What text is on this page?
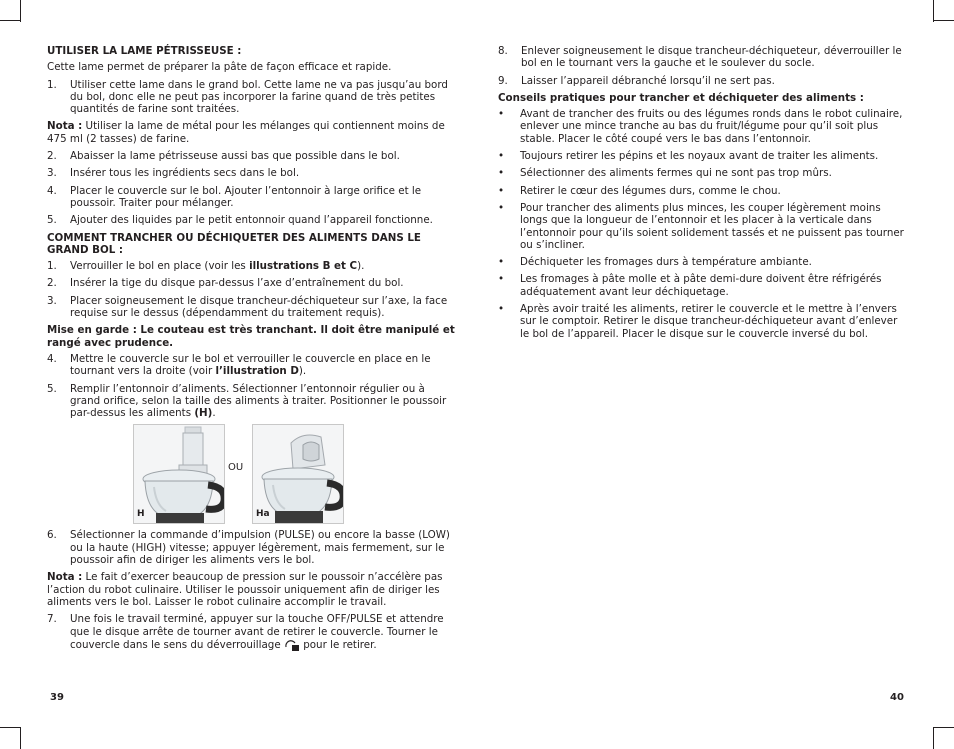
UTILISER LA LAME PÉTRISSEUSE :

Cette lame permet de préparer la pâte de façon efficace et rapide.

1.	Utiliser cette lame dans le grand bol. Cette lame ne va pas jusqu’au bord du bol, donc elle ne peut pas incorporer la farine quand de très petites quantités de farine sont traitées.

Nota : Utiliser la lame de métal pour les mélanges qui contiennent moins de 475 ml (2 tasses) de farine.

2.	Abaisser la lame pétrisseuse aussi bas que possible dans le bol.
3.	Insérer tous les ingrédients secs dans le bol.
4.	Placer le couvercle sur le bol. Ajouter l’entonnoir à large orifice et le poussoir. Traiter pour mélanger.
5.	Ajouter des liquides par le petit entonnoir quand l’appareil fonctionne.

COMMENT TRANCHER OU DÉCHIQUETER DES ALIMENTS DANS LE GRAND BOL :

1.	Verrouiller le bol en place (voir les illustrations B et C).
2.	Insérer la tige du disque par-dessus l’axe d’entraînement du bol.
3.	Placer soigneusement le disque trancheur-déchiqueteur sur l’axe, la face requise sur le dessus (dépendamment du traitement requis).

Mise en garde : Le couteau est très tranchant. Il doit être manipulé et rangé avec prudence.

4.	Mettre le couvercle sur le bol et verrouiller le couvercle en place en le tournant vers la droite (voir l’illustration D).
5.	Remplir l’entonnoir d’aliments. Sélectionner l’entonnoir régulier ou à grand orifice, selon la taille des aliments à traiter. Positionner le poussoir par-dessus les aliments (H).
H
OU
Ha
6.	Sélectionner la commande d’impulsion (PULSE) ou encore la basse (LOW) ou la haute (HIGH) vitesse; appuyer légèrement, mais fermement, sur le poussoir afin de diriger les aliments vers le bol.

Nota : Le fait d’exercer beaucoup de pression sur le poussoir n’accélère pas l’action du robot culinaire. Utiliser le poussoir uniquement afin de diriger les aliments vers le bol. Laisser le robot culinaire accomplir le travail.

7.	Une fois le travail terminé, appuyer sur la touche OFF/PULSE et attendre que le disque arrête de tourner avant de retirer le couvercle. Tourner le couvercle dans le sens du déverrouillage  pour le retirer.
39
8.	Enlever soigneusement le disque trancheur-déchiqueteur, déverrouiller le bol en le tournant vers la gauche et le soulever du socle.
9.	Laisser l’appareil débranché lorsqu’il ne sert pas.

Conseils pratiques pour trancher et déchiqueter des aliments :

•	Avant de trancher des fruits ou des légumes ronds dans le robot culinaire, enlever une mince tranche au bas du fruit/légume pour qu’il soit plus stable. Placer le côté coupé vers le bas dans l’entonnoir.
•	Toujours retirer les pépins et les noyaux avant de traiter les aliments.
•	Sélectionner des aliments fermes qui ne sont pas trop mûrs.
•	Retirer le cœur des légumes durs, comme le chou.
•	Pour trancher des aliments plus minces, les couper légèrement moins longs que la longueur de l’entonnoir et les placer à la verticale dans l’entonnoir pour qu’ils soient solidement tassés et ne puissent pas tourner ou s’incliner.
•	Déchiqueter les fromages durs à température ambiante.
•	Les fromages à pâte molle et à pâte demi-dure doivent être réfrigérés adéquatement avant leur déchiquetage.
•	Après avoir traité les aliments, retirer le couvercle et le mettre à l’envers sur le comptoir. Retirer le disque trancheur-déchiqueteur avant d’enlever le bol de l’appareil. Placer le disque sur le couvercle inversé du bol.
40
